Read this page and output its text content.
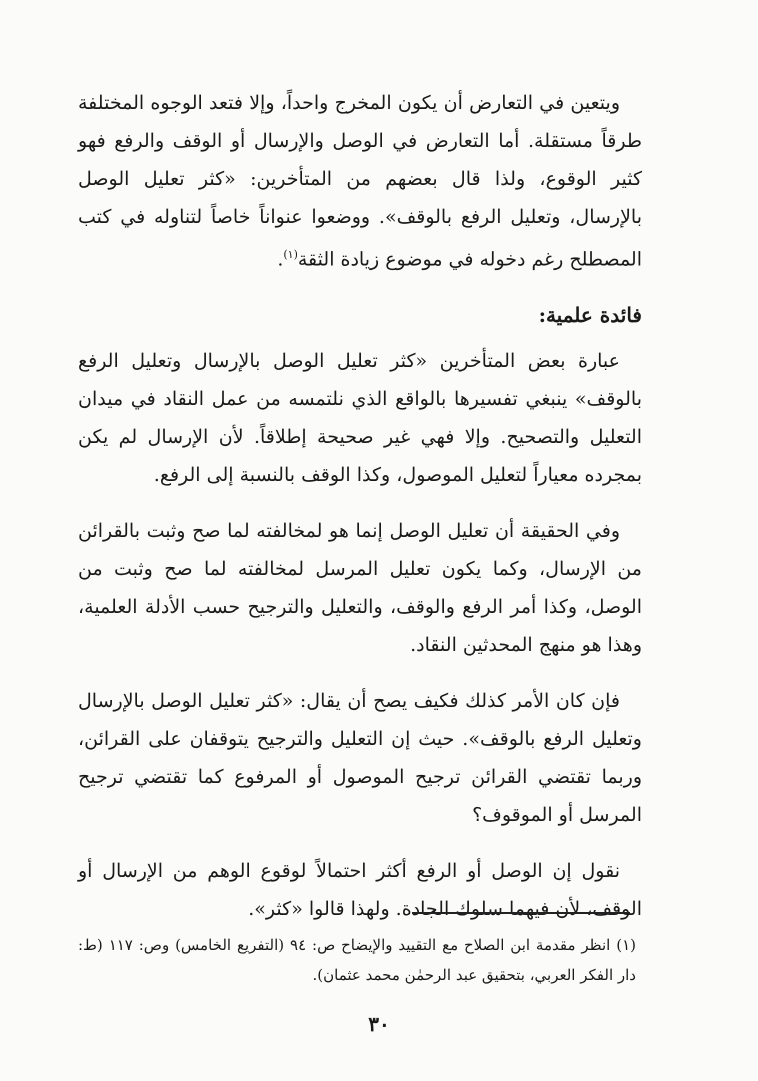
ويتعين في التعارض أن يكون المخرج واحداً، وإلا فتعد الوجوه المختلفة طرقاً مستقلة. أما التعارض في الوصل والإرسال أو الوقف والرفع فهو كثير الوقوع، ولذا قال بعضهم من المتأخرين: «كثر تعليل الوصل بالإرسال، وتعليل الرفع بالوقف». ووضعوا عنواناً خاصاً لتناوله في كتب المصطلح رغم دخوله في موضوع زيادة الثقة$^{(١)}$.

فائدة علمية:

عبارة بعض المتأخرين «كثر تعليل الوصل بالإرسال وتعليل الرفع بالوقف» ينبغي تفسيرها بالواقع الذي نلتمسه من عمل النقاد في ميدان التعليل والتصحيح. وإلا فهي غير صحيحة إطلاقاً. لأن الإرسال لم يكن بمجرده معياراً لتعليل الموصول، وكذا الوقف بالنسبة إلى الرفع.

وفي الحقيقة أن تعليل الوصل إنما هو لمخالفته لما صح وثبت بالقرائن من الإرسال، وكما يكون تعليل المرسل لمخالفته لما صح وثبت من الوصل، وكذا أمر الرفع والوقف، والتعليل والترجيح حسب الأدلة العلمية، وهذا هو منهج المحدثين النقاد.

فإن كان الأمر كذلك فكيف يصح أن يقال: «كثر تعليل الوصل بالإرسال وتعليل الرفع بالوقف». حيث إن التعليل والترجيح يتوقفان على القرائن، وربما تقتضي القرائن ترجيح الموصول أو المرفوع كما تقتضي ترجيح المرسل أو الموقوف؟

نقول إن الوصل أو الرفع أكثر احتمالاً لوقوع الوهم من الإرسال أو الوقف، لأن فيهما سلوك الجادة. ولهذا قالوا «كثر».

(١) انظر مقدمة ابن الصلاح مع التقييد والإيضاح ص: ٩٤ (التفريع الخامس) وص: ١١٧ (ط: دار الفكر العربي، بتحقيق عبد الرحمٰن محمد عثمان).

٣٠
